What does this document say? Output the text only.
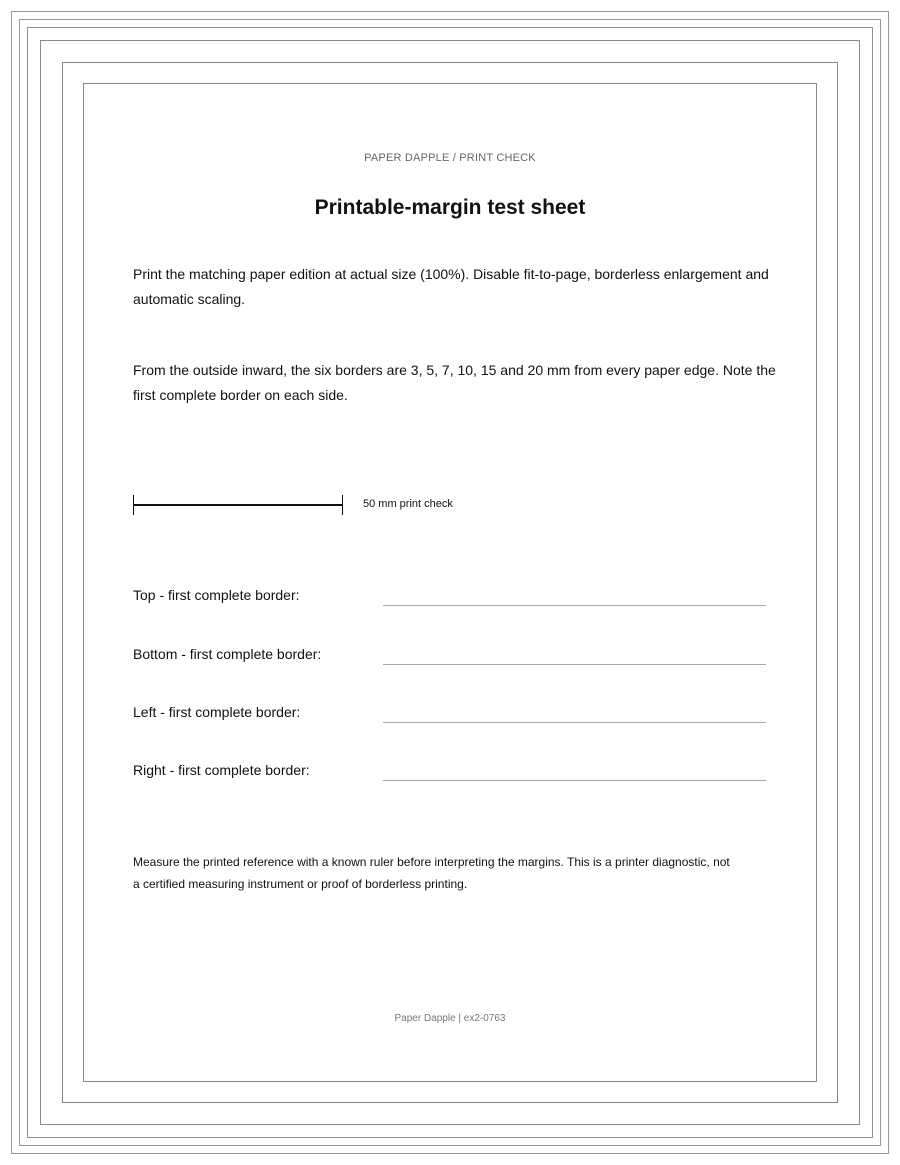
PAPER DAPPLE / PRINT CHECK
Printable-margin test sheet

Print the matching paper edition at actual size (100%). Disable fit-to-page, borderless enlargement and automatic scaling.

From the outside inward, the six borders are 3, 5, 7, 10, 15 and 20 mm from every paper edge. Note the first complete border on each side.

50 mm print check
Top - first complete border:
Bottom - first complete border:
Left - first complete border:
Right - first complete border:

Measure the printed reference with a known ruler before interpreting the margins. This is a printer diagnostic, not a certified measuring instrument or proof of borderless printing.

Paper Dapple | ex2-0763
